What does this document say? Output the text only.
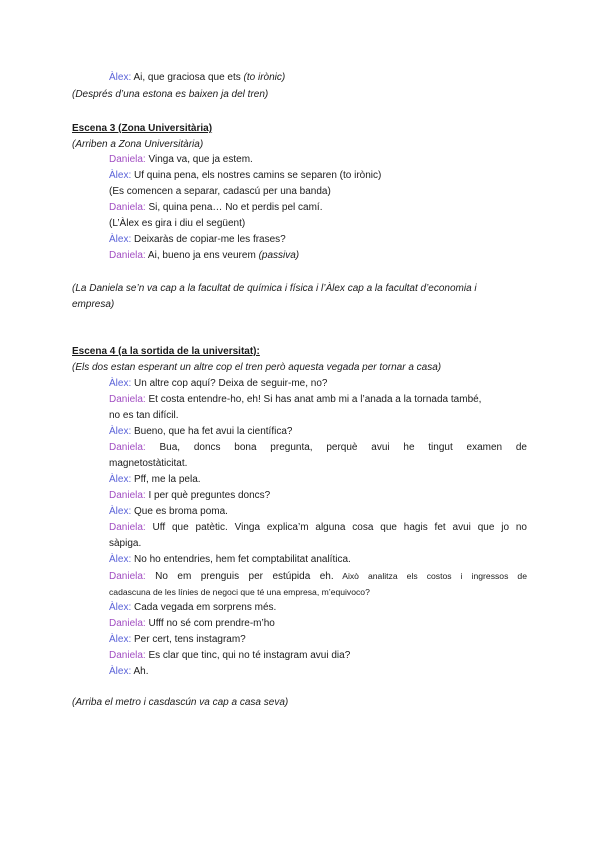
Àlex: Ai, que graciosa que ets (to irònic)
(Després d’una estona es baixen ja del tren)
Escena 3 (Zona Universitària)
(Arriben a Zona Universitària)
Daniela: Vinga va, que ja estem.
Àlex: Uf quina pena, els nostres camins se separen (to irònic)
(Es comencen a separar, cadascú per una banda)
Daniela: Si, quina pena… No et perdis pel camí.
(L’Àlex es gira i diu el següent)
Àlex: Deixaràs de copiar-me les frases?
Daniela: Ai, bueno ja ens veurem (passiva)
(La Daniela se’n va cap a la facultat de química i física i l’Àlex cap a la facultat d’economia i
empresa)
Escena 4 (a la sortida de la universitat):
(Els dos estan esperant un altre cop el tren però aquesta vegada per tornar a casa)
Àlex: Un altre cop aquí? Deixa de seguir-me, no?
Daniela: Et costa entendre-ho, eh! Si has anat amb mi a l’anada a la tornada també,
no es tan difícil.
Àlex: Bueno, que ha fet avui la científica?
Daniela: Bua, doncs bona pregunta, perquè avui he tingut examen de
magnetostàticitat.
Àlex: Pff, me la pela.
Daniela: I per què preguntes doncs?
Àlex: Que es broma poma.
Daniela: Uff que patètic. Vinga explica’m alguna cosa que hagis fet avui que jo no
sàpiga.
Àlex: No ho entendries, hem fet comptabilitat analítica.
Daniela: No em prenguis per estúpida eh. Això analitza els costos i ingressos de
cadascuna de les línies de negoci que té una empresa, m’equivoco?
Àlex: Cada vegada em sorprens més.
Daniela: Ufff no sé com prendre-m’ho
Àlex: Per cert, tens instagram?
Daniela: Es clar que tinc, qui no té instagram avui dia?
Àlex: Ah.
(Arriba el metro i casdascún va cap a casa seva)
